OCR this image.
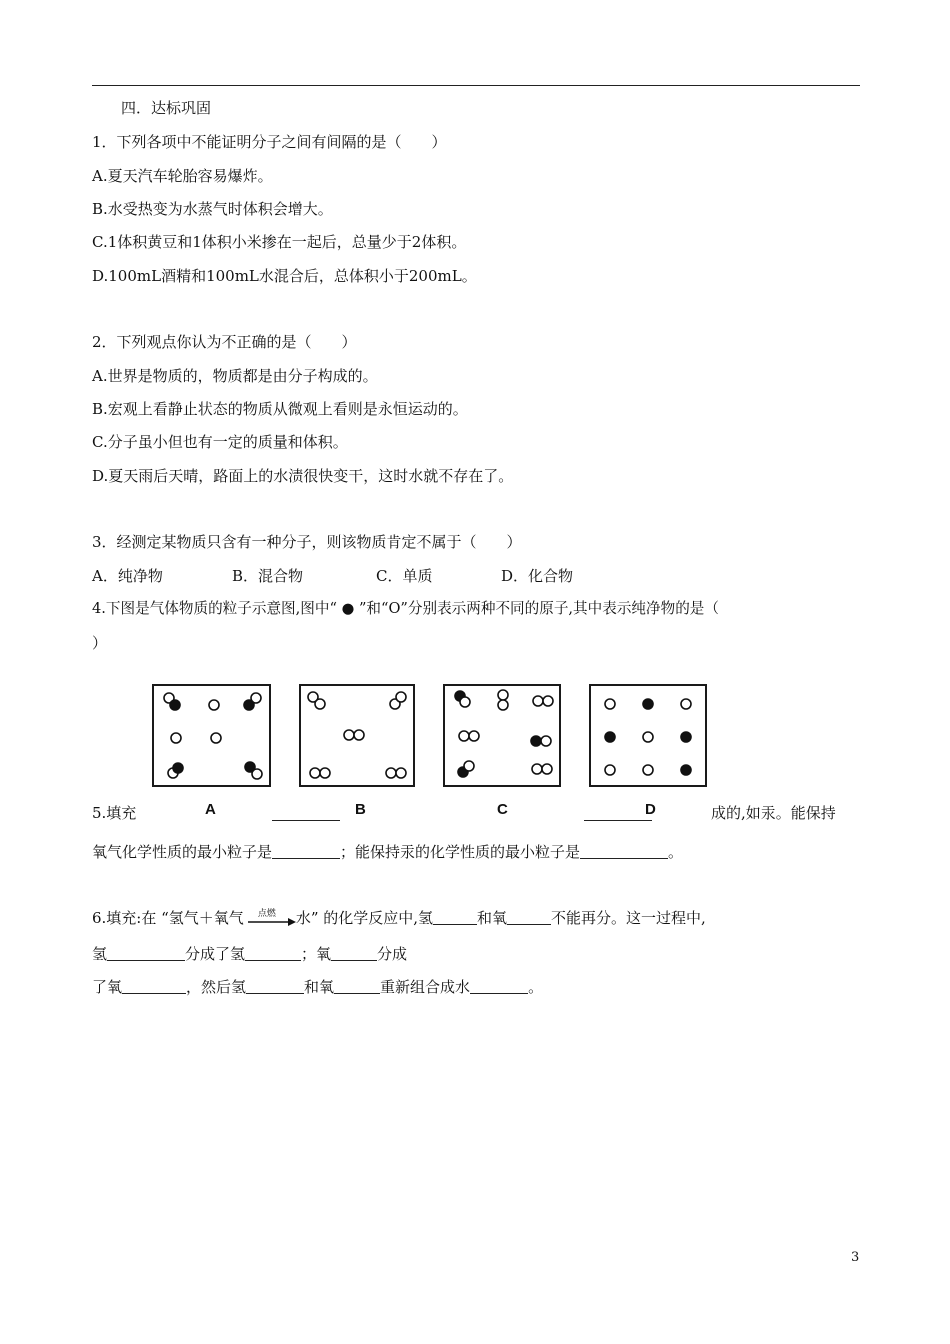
四．达标巩固
1．下列各项中不能证明分子之间有间隔的是（　　）
A.夏天汽车轮胎容易爆炸。
B.水受热变为水蒸气时体积会增大。
C.1体积黄豆和1体积小米掺在一起后，总量少于2体积。
D.100mL酒精和100mL水混合后，总体积小于200mL。
2．下列观点你认为不正确的是（　　）
A.世界是物质的，物质都是由分子构成的。
B.宏观上看静止状态的物质从微观上看则是永恒运动的。
C.分子虽小但也有一定的质量和体积。
D.夏天雨后天晴，路面上的水渍很快变干，这时水就不存在了。
3．经测定某物质只含有一种分子，则该物质肯定不属于（　　）
A．纯净物	B．混合物	C．单质	D．化合物
4.下图是气体物质的粒子示意图,图中“ ● ”和“O”分别表示两种不同的原子,其中表示纯净物的是（
）
A	B	C	D
5.填充	成的,如汞。能保持
氧气化学性质的最小粒子是	；能保持汞的化学性质的最小粒子是	。
6.填充:在 “氢气＋氧气 点燃 水” 的化学反应中,氢	和氧	不能再分。这一过程中,
氢	分成了氢	；氧	分成
了氧	，然后氢	和氧	重新组合成水	。
3
